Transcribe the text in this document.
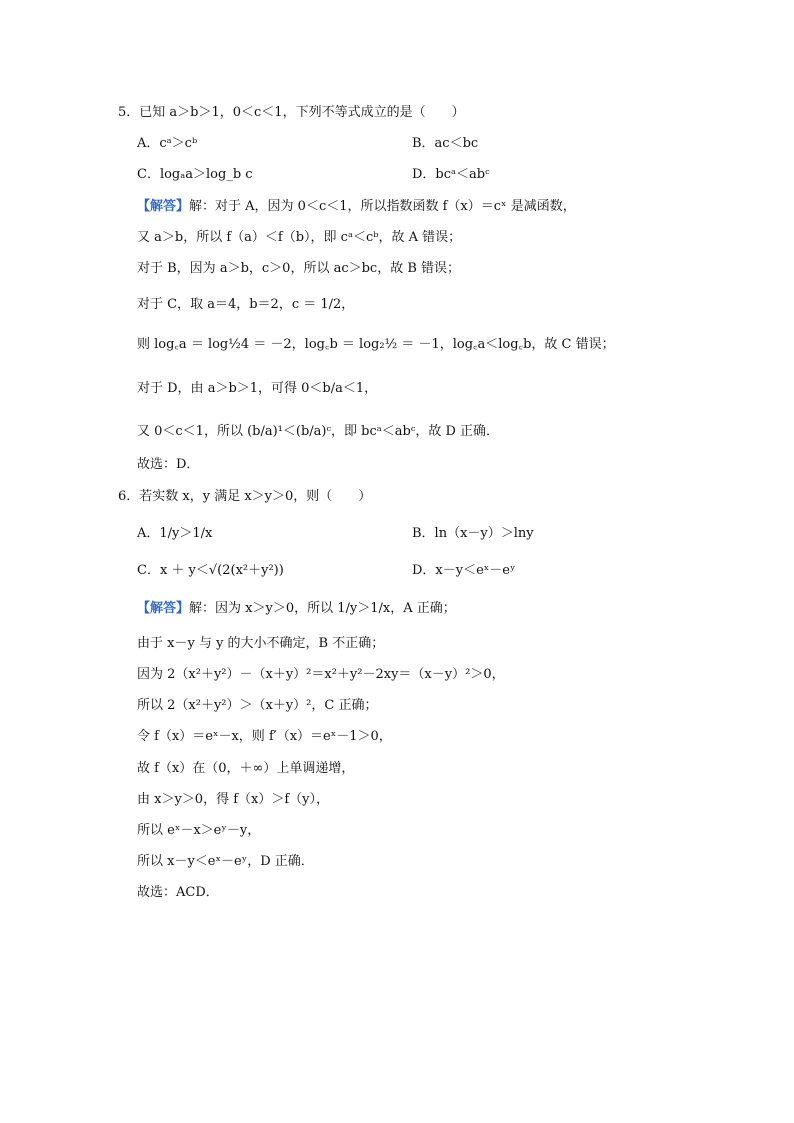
5．已知 a＞b＞1，0＜c＜1，下列不等式成立的是（　　）
A．cᵃ＞cᵇ	B．ac＜bc
C．logₐa＞log_b c	D．bcᵃ＜abᶜ
【解答】解：对于 A，因为 0＜c＜1，所以指数函数 f（x）＝cˣ 是减函数，
又 a＞b，所以 f（a）＜f（b），即 cᵃ＜cᵇ，故 A 错误；
对于 B，因为 a＞b，c＞0，所以 ac＞bc，故 B 错误；
对于 C，取 a＝4，b＝2，c ＝ 1/2，
则 log꜀a ＝ log½4 ＝ －2，log꜀b ＝ log₂½ ＝ －1，log꜀a＜log꜀b，故 C 错误；
对于 D，由 a＞b＞1，可得 0＜b/a＜1，
又 0＜c＜1，所以 (b/a)¹＜(b/a)ᶜ，即 bcᵃ＜abᶜ，故 D 正确．
故选：D．
6．若实数 x，y 满足 x＞y＞0，则（　　）
A．1/y＞1/x	B．ln（x－y）＞lny
C．x ＋ y＜√(2(x²＋y²))	D．x－y＜eˣ－eʸ
【解答】解：因为 x＞y＞0，所以 1/y＞1/x，A 正确；
由于 x－y 与 y 的大小不确定，B 不正确；
因为 2（x²＋y²）－（x＋y）²＝x²＋y²－2xy＝（x－y）²＞0，
所以 2（x²＋y²）＞（x＋y）²，C 正确；
令 f（x）＝eˣ－x，则 f′（x）＝eˣ－1＞0，
故 f（x）在（0，＋∞）上单调递增，
由 x＞y＞0，得 f（x）＞f（y），
所以 eˣ－x＞eʸ－y，
所以 x－y＜eˣ－eʸ，D 正确．
故选：ACD．
